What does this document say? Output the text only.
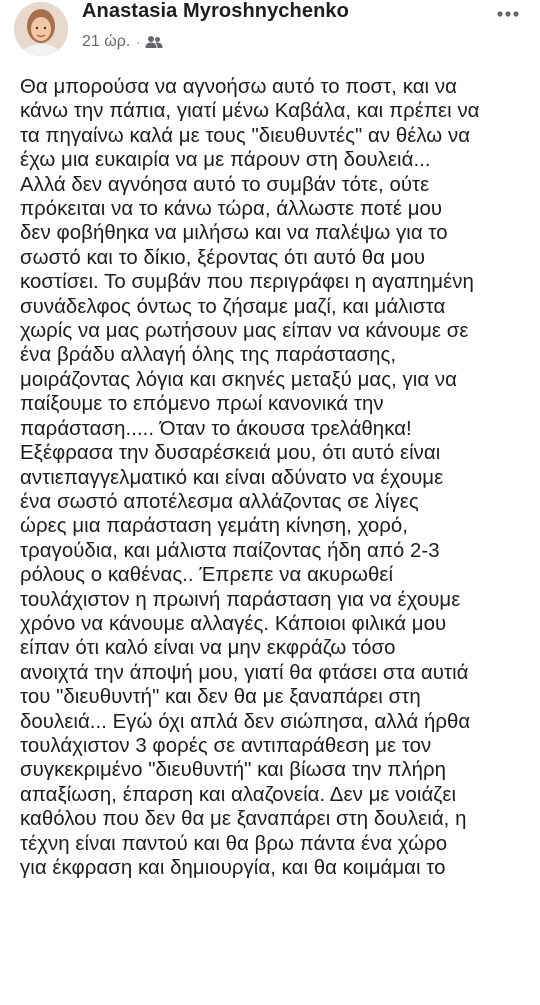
Anastasia Myroshnychenko
21 ώρ. ·
Θα μπορούσα να αγνοήσω αυτό το ποστ, και να
κάνω την πάπια, γιατί μένω Καβάλα, και πρέπει να
τα πηγαίνω καλά με τους "διευθυντές" αν θέλω να
έχω μια ευκαιρία να με πάρουν στη δουλειά...
Αλλά δεν αγνόησα αυτό το συμβάν τότε, ούτε
πρόκειται να το κάνω τώρα, άλλωστε ποτέ μου
δεν φοβήθηκα να μιλήσω και να παλέψω για το
σωστό και το δίκιο, ξέροντας ότι αυτό θα μου
κοστίσει. Το συμβάν που περιγράφει η αγαπημένη
συνάδελφος όντως το ζήσαμε μαζί, και μάλιστα
χωρίς να μας ρωτήσουν μας είπαν να κάνουμε σε
ένα βράδυ αλλαγή όλης της παράστασης,
μοιράζοντας λόγια και σκηνές μεταξύ μας, για να
παίξουμε το επόμενο πρωί κανονικά την
παράσταση..... Όταν το άκουσα τρελάθηκα!
Εξέφρασα την δυσαρέσκειά μου, ότι αυτό είναι
αντιεπαγγελματικό και είναι αδύνατο να έχουμε
ένα σωστό αποτέλεσμα αλλάζοντας σε λίγες
ώρες μια παράσταση γεμάτη κίνηση, χορό,
τραγούδια, και μάλιστα παίζοντας ήδη από 2-3
ρόλους ο καθένας.. Έπρεπε να ακυρωθεί
τουλάχιστον η πρωινή παράσταση για να έχουμε
χρόνο να κάνουμε αλλαγές. Κάποιοι φιλικά μου
είπαν ότι καλό είναι να μην εκφράζω τόσο
ανοιχτά την άποψή μου, γιατί θα φτάσει στα αυτιά
του "διευθυντή" και δεν θα με ξαναπάρει στη
δουλειά... Εγώ όχι απλά δεν σιώπησα, αλλά ήρθα
τουλάχιστον 3 φορές σε αντιπαράθεση με τον
συγκεκριμένο "διευθυντή" και βίωσα την πλήρη
απαξίωση, έπαρση και αλαζονεία. Δεν με νοιάζει
καθόλου που δεν θα με ξαναπάρει στη δουλειά, η
τέχνη είναι παντού και θα βρω πάντα ένα χώρο
για έκφραση και δημιουργία, και θα κοιμάμαι το
